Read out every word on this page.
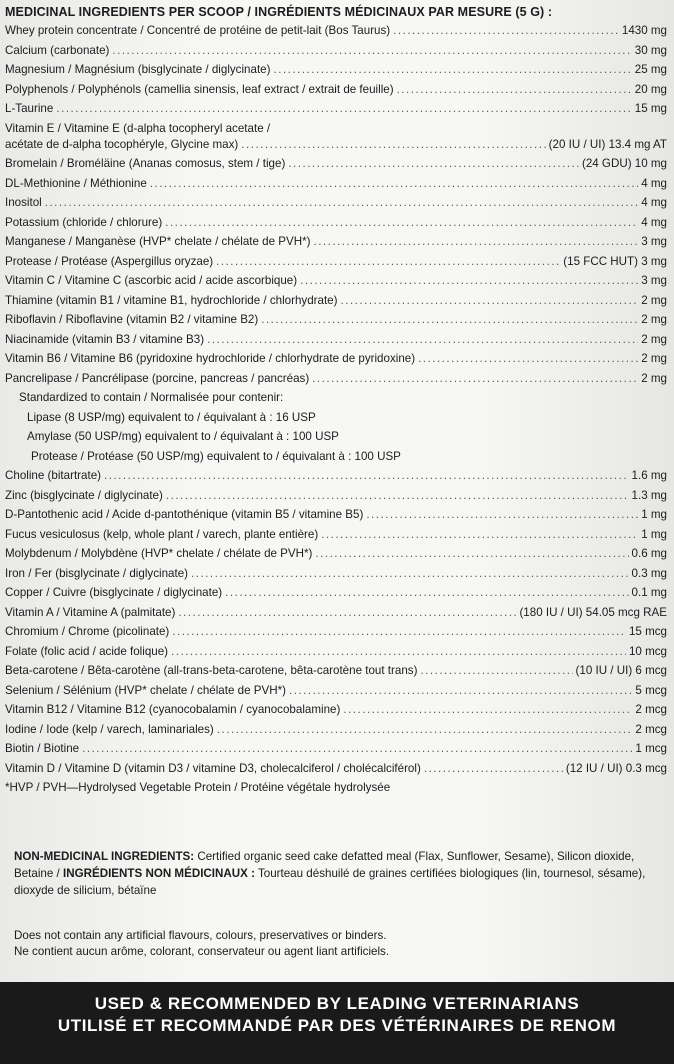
MEDICINAL INGREDIENTS PER SCOOP / INGRÉDIENTS MÉDICINAUX PAR MESURE (5 G) :
Whey protein concentrate / Concentré de protéine de petit-lait (Bos Taurus) .....	1430 mg
Calcium (carbonate) .....	30 mg
Magnesium / Magnésium (bisglycinate / diglycinate) .....	25 mg
Polyphenols / Polyphénols (camellia sinensis, leaf extract / extrait de feuille) .....	20 mg
L-Taurine .....	15 mg
Vitamin E / Vitamine E (d-alpha tocopheryl acetate /
acétate de d-alpha tocophéryle, Glycine max) .....	(20 IU / UI) 13.4 mg AT
Bromelain / Broméläine (Ananas comosus, stem / tige) .....	(24 GDU) 10 mg
DL-Methionine / Méthionine .....	4 mg
Inositol .....	4 mg
Potassium (chloride / chlorure) .....	4 mg
Manganese / Manganèse (HVP* chelate / chélate de PVH*) .....	3 mg
Protease / Protéase (Aspergillus oryzae) .....	(15 FCC HUT) 3 mg
Vitamin C / Vitamine C (ascorbic acid / acide ascorbique) .....	3 mg
Thiamine (vitamin B1 / vitamine B1, hydrochloride / chlorhydrate) .....	2 mg
Riboflavin / Riboflavine (vitamin B2 / vitamine B2) .....	2 mg
Niacinamide (vitamin B3 / vitamine B3) .....	2 mg
Vitamin B6 / Vitamine B6 (pyridoxine hydrochloride / chlorhydrate de pyridoxine) .....	2 mg
Pancrelipase / Pancrélipase (porcine, pancreas / pancréas) .....	2 mg
Standardized to contain / Normalisée pour contenir:
Lipase (8 USP/mg) equivalent to / équivalant à : 16 USP
Amylase (50 USP/mg) equivalent to / équivalant à : 100 USP
Protease / Protéase (50 USP/mg) equivalent to / équivalant à : 100 USP
Choline (bitartrate) .....	1.6 mg
Zinc (bisglycinate / diglycinate) .....	1.3 mg
D-Pantothenic acid / Acide d-pantothénique (vitamin B5 / vitamine B5) .....	1 mg
Fucus vesiculosus (kelp, whole plant / varech, plante entière) .....	1 mg
Molybdenum / Molybdène (HVP* chelate / chélate de PVH*) .....	0.6 mg
Iron / Fer (bisglycinate / diglycinate) .....	0.3 mg
Copper / Cuivre (bisglycinate / diglycinate) .....	0.1 mg
Vitamin A / Vitamine A (palmitate) .....	(180 IU / UI) 54.05 mcg RAE
Chromium / Chrome (picolinate) .....	15 mcg
Folate (folic acid / acide folique) .....	10 mcg
Beta-carotene / Bêta-carotène (all-trans-beta-carotene, bêta-carotène tout trans) .....	(10 IU / UI) 6 mcg
Selenium / Sélénium (HVP* chelate / chélate de PVH*) .....	5 mcg
Vitamin B12 / Vitamine B12 (cyanocobalamin / cyanocobalamine) .....	2 mcg
Iodine / Iode (kelp / varech, laminariales) .....	2 mcg
Biotin / Biotine .....	1 mcg
Vitamin D / Vitamine D (vitamin D3 / vitamine D3, cholecalciferol / cholécalciférol) .....	(12 IU / UI) 0.3 mcg
*HVP / PVH—Hydrolysed Vegetable Protein / Protéine végétale hydrolysée
NON-MEDICINAL INGREDIENTS: Certified organic seed cake defatted meal (Flax, Sunflower, Sesame), Silicon dioxide, Betaine / INGRÉDIENTS NON MÉDICINAUX : Tourteau déshuilé de graines certifiées biologiques (lin, tournesol, sésame), dioxyde de silicium, bétaïne
Does not contain any artificial flavours, colours, preservatives or binders.
Ne contient aucun arôme, colorant, conservateur ou agent liant artificiels.
USED & RECOMMENDED BY LEADING VETERINARIANS
UTILISÉ ET RECOMMANDÉ PAR DES VÉTÉRINAIRES DE RENOM
